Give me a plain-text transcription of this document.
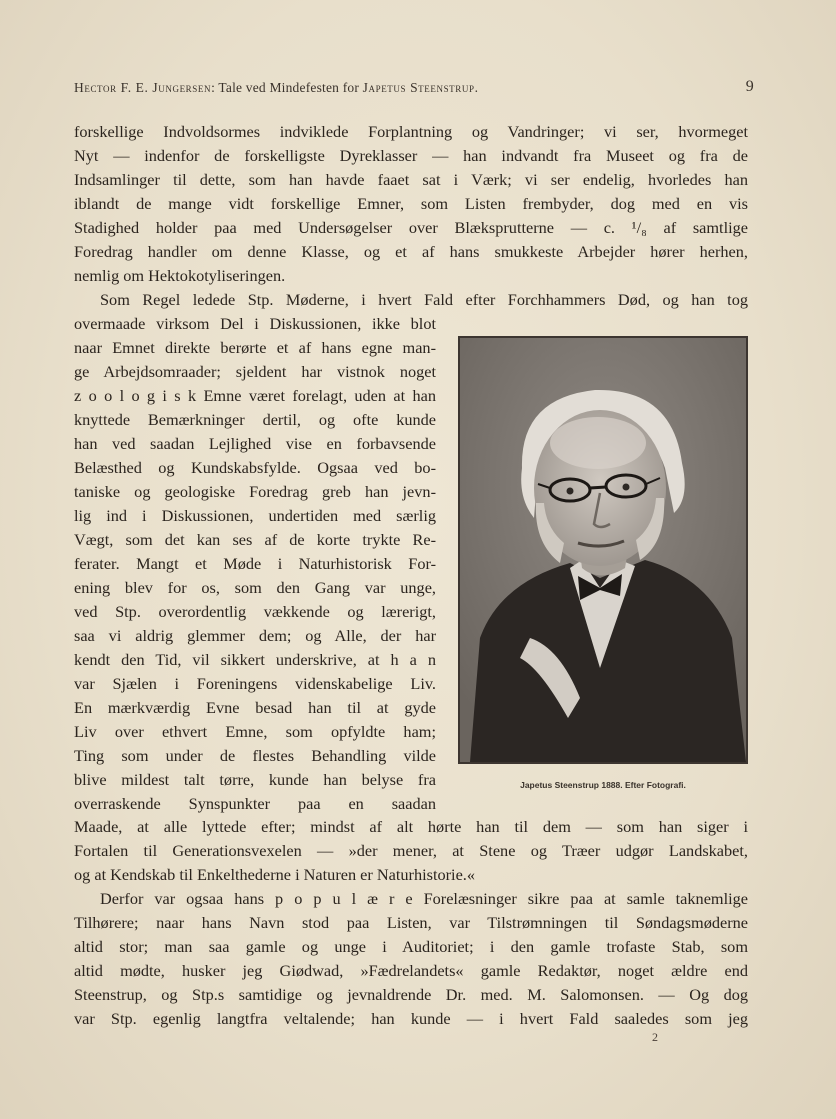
Hector F. E. Jungersen: Tale ved Mindefesten for Japetus Steenstrup.	9
forskellige Indvoldsormes indviklede Forplantning og Vandringer; vi ser, hvormeget
Nyt — indenfor de forskelligste Dyreklasser — han indvandt fra Museet og fra de
Indsamlinger til dette, som han havde faaet sat i Værk; vi ser endelig, hvorledes han
iblandt de mange vidt forskellige Emner, som Listen frembyder, dog med en vis
Stadighed holder paa med Undersøgelser over Blæksprutterne — c. ¹/₈ af samtlige
Foredrag handler om denne Klasse, og et af hans smukkeste Arbejder hører herhen,
nemlig om Hektokotyliseringen.
Som Regel ledede Stp. Møderne, i hvert Fald efter Forchhammers Død, og han tog
overmaade virksom Del i Diskussionen, ikke blot
naar Emnet direkte berørte et af hans egne man-
ge Arbejdsomraader; sjeldent har vistnok noget
z o o l o g i s k Emne været forelagt, uden at han
knyttede Bemærkninger dertil, og ofte kunde
han ved saadan Lejlighed vise en forbavsende
Belæsthed og Kundskabsfylde. Ogsaa ved bo-
taniske og geologiske Foredrag greb han jevn-
lig ind i Diskussionen, undertiden med særlig
Vægt, som det kan ses af de korte trykte Re-
ferater. Mangt et Møde i Naturhistorisk For-
ening blev for os, som den Gang var unge,
ved Stp. overordentlig vækkende og lærerigt,
saa vi aldrig glemmer dem; og Alle, der har
kendt den Tid, vil sikkert underskrive, at h a n
var Sjælen i Foreningens videnskabelige Liv.
En mærkværdig Evne besad han til at gyde
Liv over ethvert Emne, som opfyldte ham;
Ting som under de flestes Behandling vilde
blive mildest talt tørre, kunde han belyse fra
overraskende Synspunkter paa en saadan
Maade, at alle lyttede efter; mindst af alt hørte han til dem — som han siger i
Fortalen til Generationsvexelen — »der mener, at Stene og Træer udgør Landskabet,
og at Kendskab til Enkelthederne i Naturen er Naturhistorie.«
Derfor var ogsaa hans p o p u l æ r e Forelæsninger sikre paa at samle taknemlige
Tilhørere; naar hans Navn stod paa Listen, var Tilstrømningen til Søndagsmøderne
altid stor; man saa gamle og unge i Auditoriet; i den gamle trofaste Stab, som
altid mødte, husker jeg Giødwad, »Fædrelandets« gamle Redaktør, noget ældre end
Steenstrup, og Stp.s samtidige og jevnaldrende Dr. med. M. Salomonsen. — Og dog
var Stp. egenlig langtfra veltalende; han kunde — i hvert Fald saaledes som jeg
Japetus Steenstrup 1888. Efter Fotografi.
2
